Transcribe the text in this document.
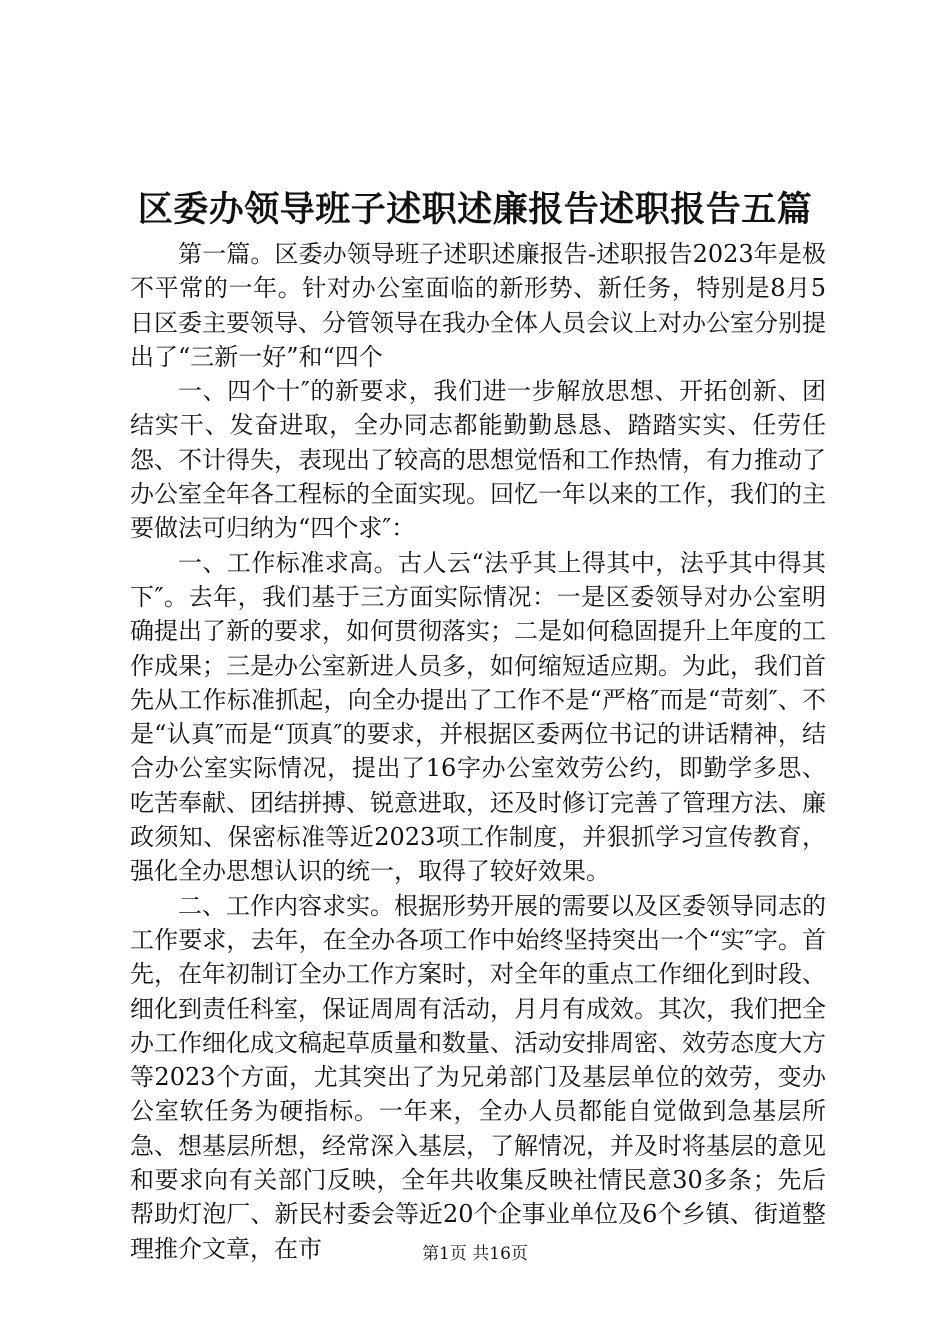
区委办领导班子述职述廉报告述职报告五篇

第一篇。区委办领导班子述职述廉报告-述职报告2023年是极不平常的一年。针对办公室面临的新形势、新任务，特别是8月5日区委主要领导、分管领导在我办全体人员会议上对办公室分别提出了“三新一好”和“四个

一、四个十″的新要求，我们进一步解放思想、开拓创新、团结实干、发奋进取，全办同志都能勤勤恳恳、踏踏实实、任劳任怨、不计得失，表现出了较高的思想觉悟和工作热情，有力推动了办公室全年各工程标的全面实现。回忆一年以来的工作，我们的主要做法可归纳为“四个求″：

一、工作标准求高。古人云“法乎其上得其中，法乎其中得其下″。去年，我们基于三方面实际情况：一是区委领导对办公室明确提出了新的要求，如何贯彻落实；二是如何稳固提升上年度的工作成果；三是办公室新进人员多，如何缩短适应期。为此，我们首先从工作标准抓起，向全办提出了工作不是“严格″而是“苛刻″、不是“认真″而是“顶真″的要求，并根据区委两位书记的讲话精神，结合办公室实际情况，提出了16字办公室效劳公约，即勤学多思、吃苦奉献、团结拼搏、锐意进取，还及时修订完善了管理方法、廉政须知、保密标准等近2023项工作制度，并狠抓学习宣传教育，强化全办思想认识的统一，取得了较好效果。

二、工作内容求实。根据形势开展的需要以及区委领导同志的工作要求，去年，在全办各项工作中始终坚持突出一个“实″字。首先，在年初制订全办工作方案时，对全年的重点工作细化到时段、细化到责任科室，保证周周有活动，月月有成效。其次，我们把全办工作细化成文稿起草质量和数量、活动安排周密、效劳态度大方等2023个方面，尤其突出了为兄弟部门及基层单位的效劳，变办公室软任务为硬指标。一年来，全办人员都能自觉做到急基层所急、想基层所想，经常深入基层，了解情况，并及时将基层的意见和要求向有关部门反映，全年共收集反映社情民意30多条；先后帮助灯泡厂、新民村委会等近20个企事业单位及6个乡镇、街道整理推介文章，在市	第1页 共16页
